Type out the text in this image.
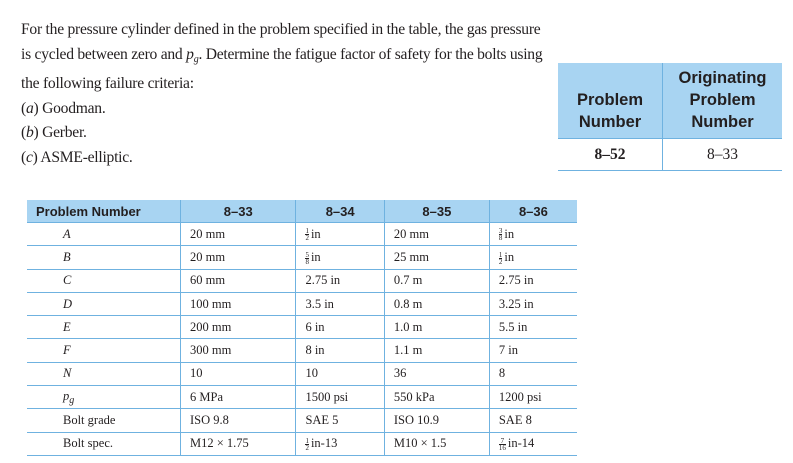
For the pressure cylinder defined in the problem specified in the table, the gas pressure

is cycled between zero and $p_g$. Determine the fatigue factor of safety for the bolts using

the following failure criteria:

(a) Goodman.

(b) Gerber.

(c) ASME-elliptic.

Problem Number	Originating Problem Number
8–52	8–33
Problem Number	8–33	8–34	8–35	8–36
A	20 mm	$\frac{1}{2}$ in	20 mm	$\frac{3}{8}$ in
B	20 mm	$\frac{5}{8}$ in	25 mm	$\frac{1}{2}$ in
C	60 mm	2.75 in	0.7 m	2.75 in
D	100 mm	3.5 in	0.8 m	3.25 in
E	200 mm	6 in	1.0 m	5.5 in
F	300 mm	8 in	1.1 m	7 in
N	10	10	36	8
$p_g$	6 MPa	1500 psi	550 kPa	1200 psi
Bolt grade	ISO 9.8	SAE 5	ISO 10.9	SAE 8
Bolt spec.	M12 × 1.75	$\frac{1}{2} in-13$	M10 × 1.5	$\frac{7}{16} in-14$
